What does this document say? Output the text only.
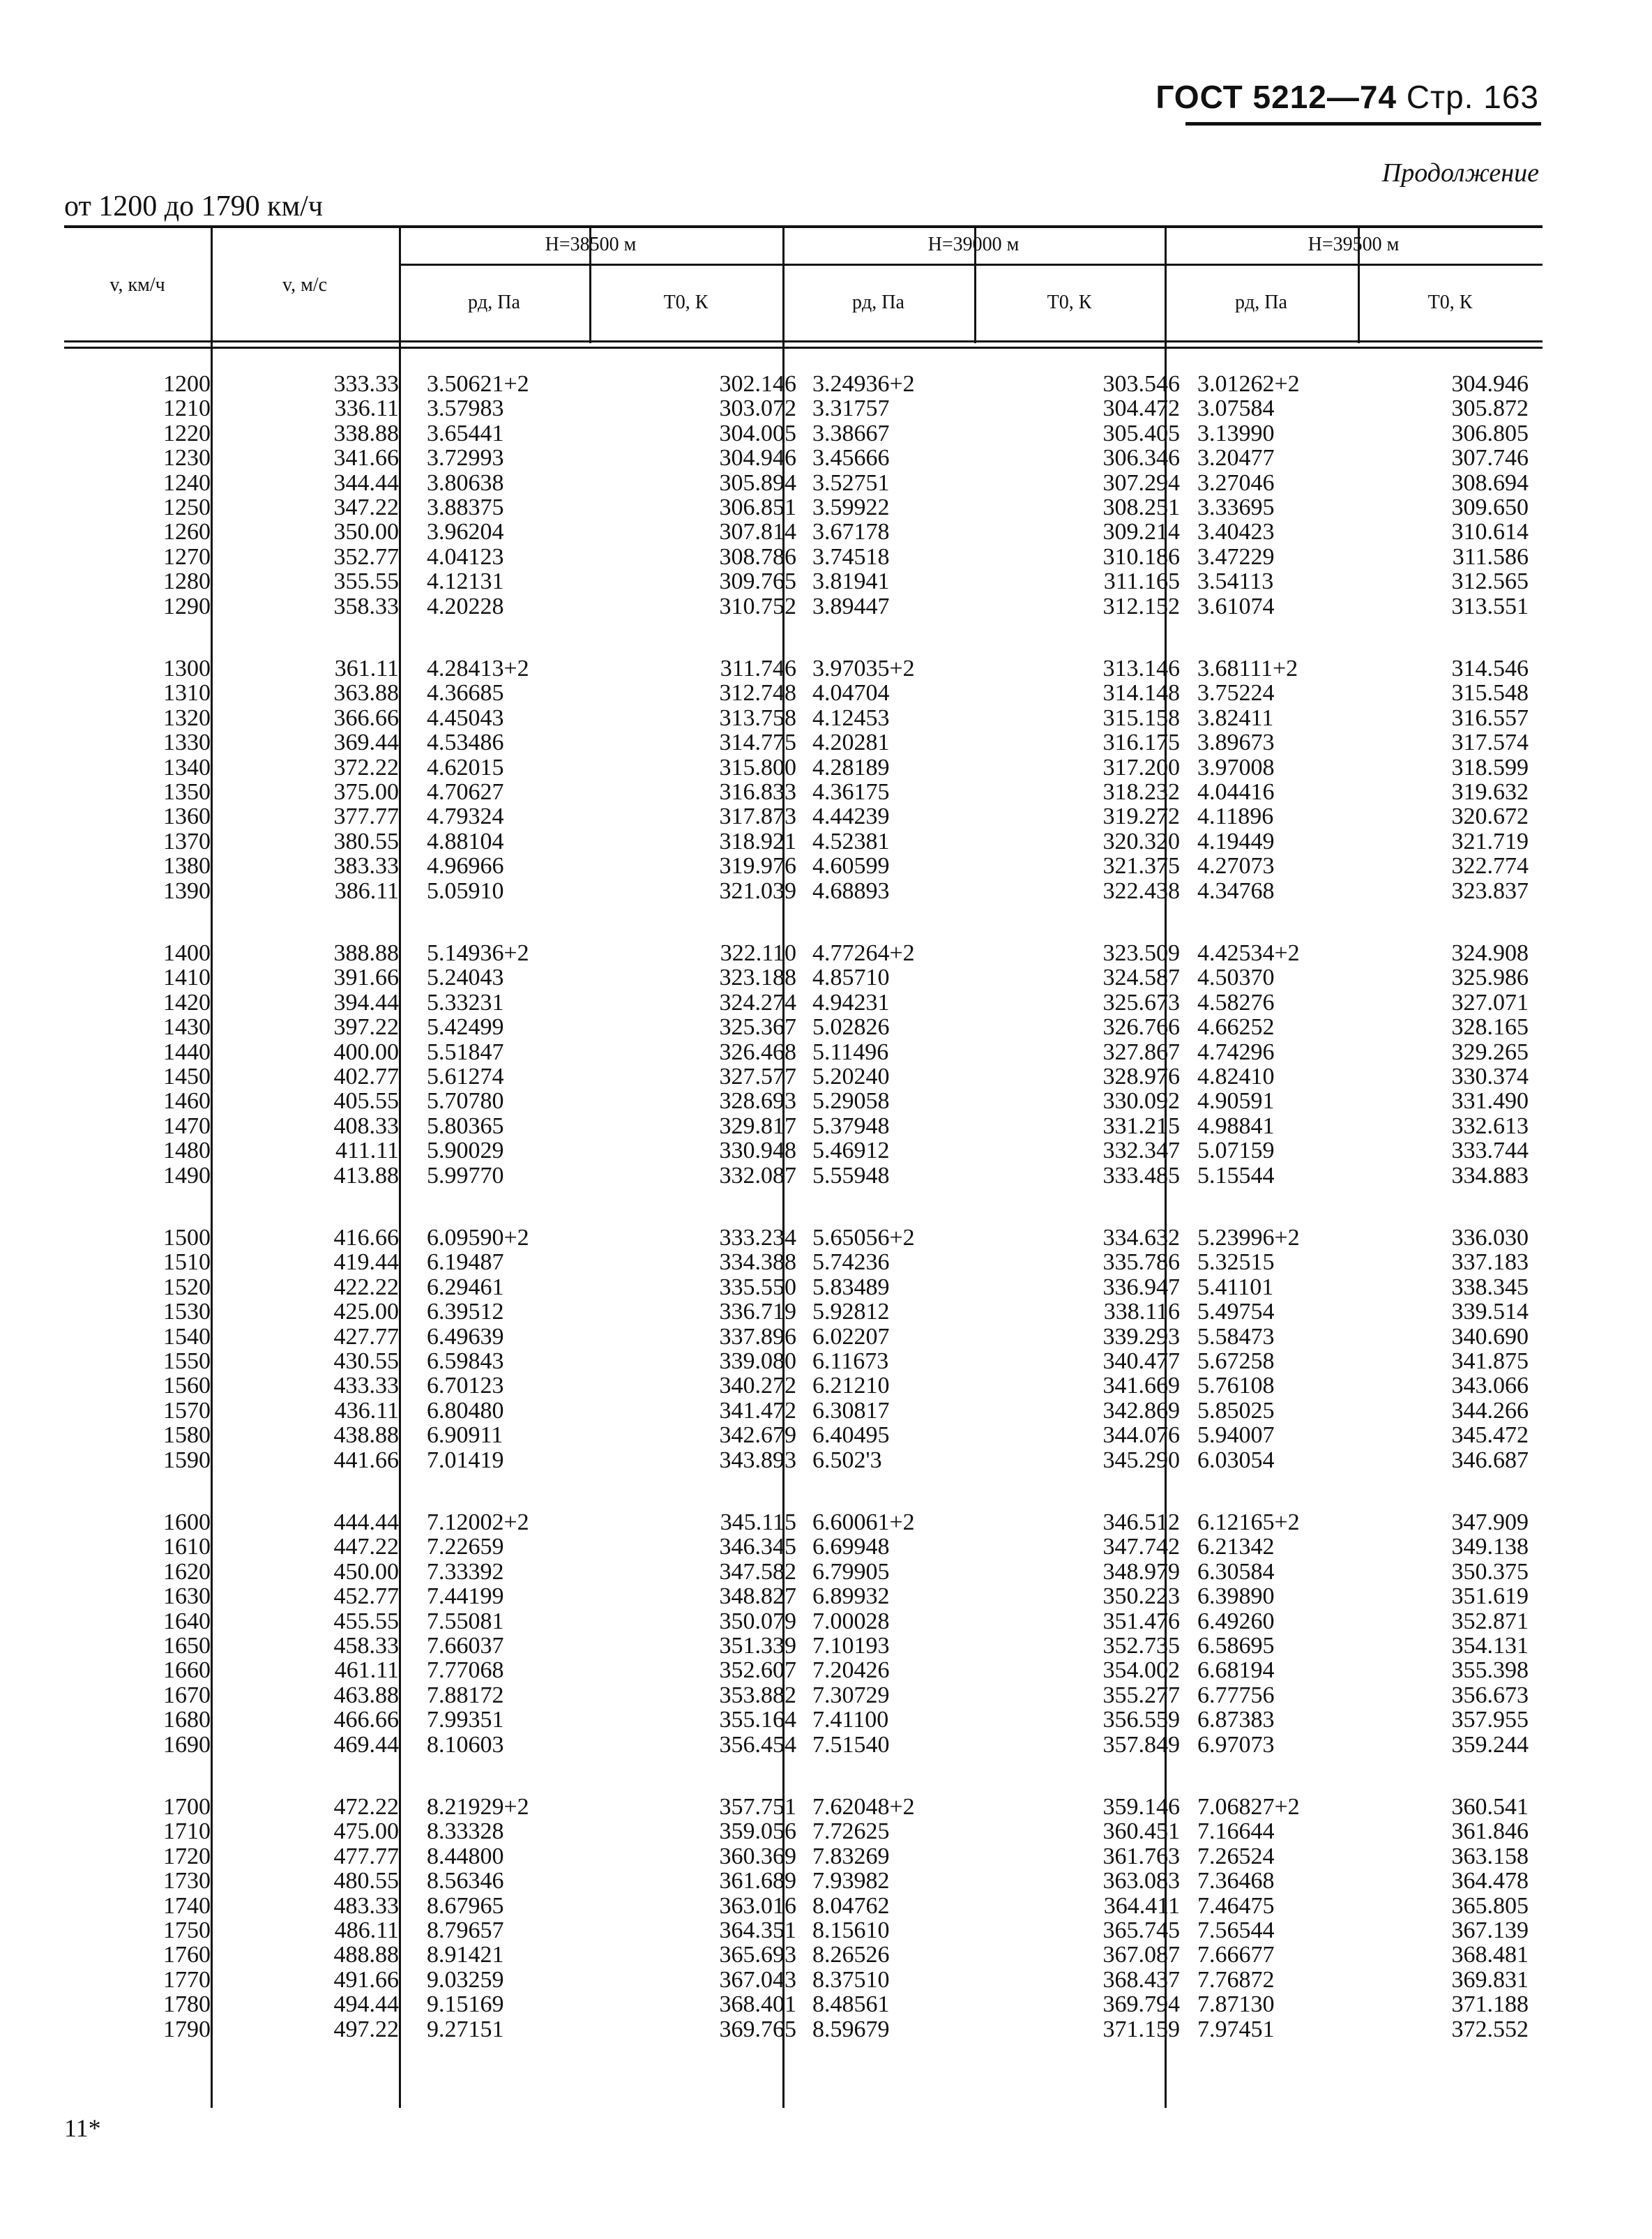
ГОСТ 5212—74 Стр. 163
Продолжение
от 1200 до 1790 км/ч
v, км/ч	v, м/с
H=38500 м
pд, Па	T0, К
H=39000 м
pд, Па	T0, К
H=39500 м
pд, Па	T0, К
1200	333.33 3.50621+2	302.146 3.24936+2	303.546 3.01262+2	304.946
1210	336.11 3.57983	303.072 3.31757	304.472 3.07584	305.872
1220	338.88 3.65441	304.005 3.38667	305.405 3.13990	306.805
1230	341.66 3.72993	304.946 3.45666	306.346 3.20477	307.746
1240	344.44 3.80638	305.894 3.52751	307.294 3.27046	308.694
1250	347.22 3.88375	306.851 3.59922	308.251 3.33695	309.650
1260	350.00 3.96204	307.814 3.67178	309.214 3.40423	310.614
1270	352.77 4.04123	308.786 3.74518	310.186 3.47229	311.586
1280	355.55 4.12131	309.765 3.81941	311.165 3.54113	312.565
1290	358.33 4.20228	310.752 3.89447	312.152 3.61074	313.551
1300	361.11 4.28413+2	311.746 3.97035+2	313.146 3.68111+2	314.546
1310	363.88 4.36685	312.748 4.04704	314.148 3.75224	315.548
1320	366.66 4.45043	313.758 4.12453	315.158 3.82411	316.557
1330	369.44 4.53486	314.775 4.20281	316.175 3.89673	317.574
1340	372.22 4.62015	315.800 4.28189	317.200 3.97008	318.599
1350	375.00 4.70627	316.833 4.36175	318.232 4.04416	319.632
1360	377.77 4.79324	317.873 4.44239	319.272 4.11896	320.672
1370	380.55 4.88104	318.921 4.52381	320.320 4.19449	321.719
1380	383.33 4.96966	319.976 4.60599	321.375 4.27073	322.774
1390	386.11 5.05910	321.039 4.68893	322.438 4.34768	323.837
1400	388.88 5.14936+2	322.110 4.77264+2	323.509 4.42534+2	324.908
1410	391.66 5.24043	323.188 4.85710	324.587 4.50370	325.986
1420	394.44 5.33231	324.274 4.94231	325.673 4.58276	327.071
1430	397.22 5.42499	325.367 5.02826	326.766 4.66252	328.165
1440	400.00 5.51847	326.468 5.11496	327.867 4.74296	329.265
1450	402.77 5.61274	327.577 5.20240	328.976 4.82410	330.374
1460	405.55 5.70780	328.693 5.29058	330.092 4.90591	331.490
1470	408.33 5.80365	329.817 5.37948	331.215 4.98841	332.613
1480	411.11 5.90029	330.948 5.46912	332.347 5.07159	333.744
1490	413.88 5.99770	332.087 5.55948	333.485 5.15544	334.883
1500	416.66 6.09590+2	333.234 5.65056+2	334.632 5.23996+2	336.030
1510	419.44 6.19487	334.388 5.74236	335.786 5.32515	337.183
1520	422.22 6.29461	335.550 5.83489	336.947 5.41101	338.345
1530	425.00 6.39512	336.719 5.92812	338.116 5.49754	339.514
1540	427.77 6.49639	337.896 6.02207	339.293 5.58473	340.690
1550	430.55 6.59843	339.080 6.11673	340.477 5.67258	341.875
1560	433.33 6.70123	340.272 6.21210	341.669 5.76108	343.066
1570	436.11 6.80480	341.472 6.30817	342.869 5.85025	344.266
1580	438.88 6.90911	342.679 6.40495	344.076 5.94007	345.472
1590	441.66 7.01419	343.893 6.502'3	345.290 6.03054	346.687
1600	444.44 7.12002+2	345.115 6.60061+2	346.512 6.12165+2	347.909
1610	447.22 7.22659	346.345 6.69948	347.742 6.21342	349.138
1620	450.00 7.33392	347.582 6.79905	348.979 6.30584	350.375
1630	452.77 7.44199	348.827 6.89932	350.223 6.39890	351.619
1640	455.55 7.55081	350.079 7.00028	351.476 6.49260	352.871
1650	458.33 7.66037	351.339 7.10193	352.735 6.58695	354.131
1660	461.11 7.77068	352.607 7.20426	354.002 6.68194	355.398
1670	463.88 7.88172	353.882 7.30729	355.277 6.77756	356.673
1680	466.66 7.99351	355.164 7.41100	356.559 6.87383	357.955
1690	469.44 8.10603	356.454 7.51540	357.849 6.97073	359.244
1700	472.22 8.21929+2	357.751 7.62048+2	359.146 7.06827+2	360.541
1710	475.00 8.33328	359.056 7.72625	360.451 7.16644	361.846
1720	477.77 8.44800	360.369 7.83269	361.763 7.26524	363.158
1730	480.55 8.56346	361.689 7.93982	363.083 7.36468	364.478
1740	483.33 8.67965	363.016 8.04762	364.411 7.46475	365.805
1750	486.11 8.79657	364.351 8.15610	365.745 7.56544	367.139
1760	488.88 8.91421	365.693 8.26526	367.087 7.66677	368.481
1770	491.66 9.03259	367.043 8.37510	368.437 7.76872	369.831
1780	494.44 9.15169	368.401 8.48561	369.794 7.87130	371.188
1790	497.22 9.27151	369.765 8.59679	371.159 7.97451	372.552
11*
